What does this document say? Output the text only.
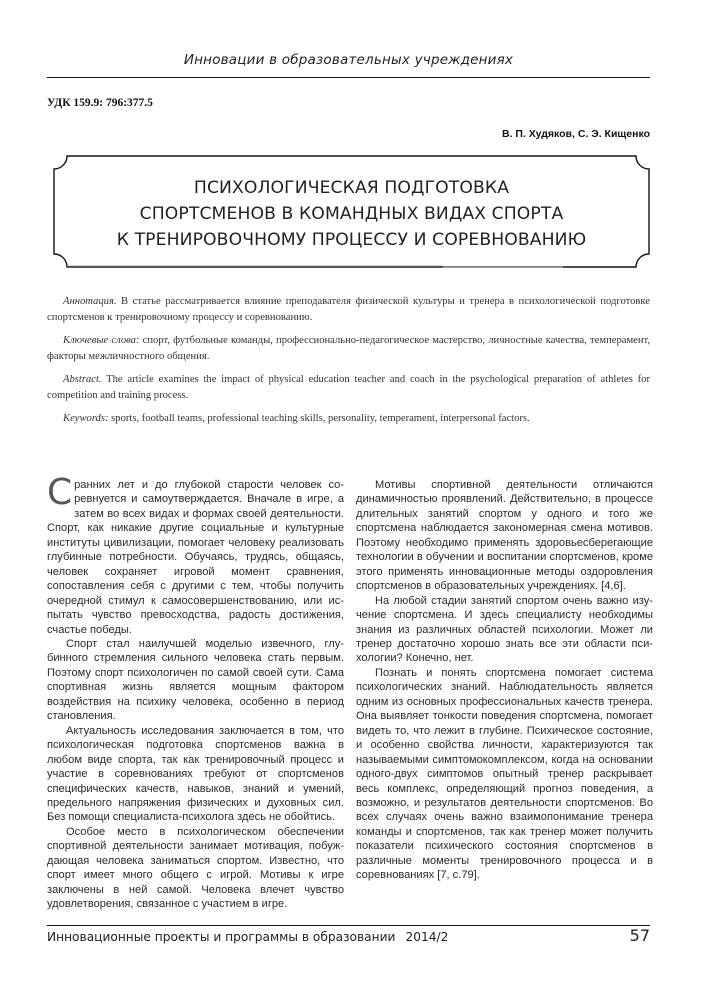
Инновации в образовательных учреждениях
УДК 159.9: 796:377.5
В. П. Худяков, С. Э. Кищенко
ПСИХОЛОГИЧЕСКАЯ ПОДГОТОВКА
СПОРТСМЕНОВ В КОМАНДНЫХ ВИДАХ СПОРТА
К ТРЕНИРОВОЧНОМУ ПРОЦЕССУ И СОРЕВНОВАНИЮ

Аннотация. В статье рассматривается влияние преподавателя физической культуры и тренера в психологической подготовке спортсменов к тренировочному процессу и соревнованию.

Ключевые слова: спорт, футбольные команды, профессионально-педагогическое мастерство, личностные качества, темперамент, факторы межличностного общения.

Abstract. The article examines the impact of physical education teacher and coach in the psychological preparation of athletes for competition and training process.

Keywords: sports, football teams, professional teaching skills, personality, temperament, interpersonal factors.

Сранних лет и до глубокой старости человек соревнуется и самоутверждается. Вначале в игре, а затем во всех видах и формах своей деятельности. Спорт, как никакие другие социальные и культурные институты цивилизации, помогает человеку реализовать глубинные потребности. Обучаясь, трудясь, общаясь, человек сохраняет игровой момент сравнения, сопоставления себя с другими с тем, чтобы получить очередной стимул к самосовершенствованию, или испытать чувство превосходства, радость достижения, счастье победы.

Спорт стал наилучшей моделью извечного, глубинного стремления сильного человека стать первым. Поэтому спорт психологичен по самой своей сути. Сама спортивная жизнь является мощным фактором воздействия на психику человека, особенно в период становления.

Актуальность исследования заключается в том, что психологическая подготовка спортсменов важна в любом виде спорта, так как тренировочный процесс и участие в соревнованиях требуют от спортсменов специфических качеств, навыков, знаний и умений, предельного напряжения физических и духовных сил. Без помощи специалиста-психолога здесь не обойтись.

Особое место в психологическом обеспечении спортивной деятельности занимает мотивация, побуждающая человека заниматься спортом. Известно, что спорт имеет много общего с игрой. Мотивы к игре заключены в ней самой. Человека влечет чувство удовлетворения, связанное с участием в игре.

Мотивы спортивной деятельности отличаются динамичностью проявлений. Действительно, в процессе длительных занятий спортом у одного и того же спортсмена наблюдается закономерная смена мотивов. Поэтому необходимо применять здоровьесберегающие технологии в обучении и воспитании спортсменов, кроме этого применять инновационные методы оздоровления спортсменов в образовательных учреждениях. [4,6].

На любой стадии занятий спортом очень важно изучение спортсмена. И здесь специалисту необходимы знания из различных областей психологии. Может ли тренер достаточно хорошо знать все эти области психологии? Конечно, нет.

Познать и понять спортсмена помогает система психологических знаний. Наблюдательность является одним из основных профессиональных качеств тренера. Она выявляет тонкости поведения спортсмена, помогает видеть то, что лежит в глубине. Психическое состояние, и особенно свойства личности, характеризуются так называемыми симптомокомплексом, когда на основании одного-двух симптомов опытный тренер раскрывает весь комплекс, определяющий прогноз поведения, а возможно, и результатов деятельности спортсменов. Во всех случаях очень важно взаимопонимание тренера команды и спортсменов, так как тренер может получить показатели психического состояния спортсменов в различные моменты тренировочного процесса и в соревнованиях [7, с.79].

Инновационные проекты и программы в образовании 2014/2	57
